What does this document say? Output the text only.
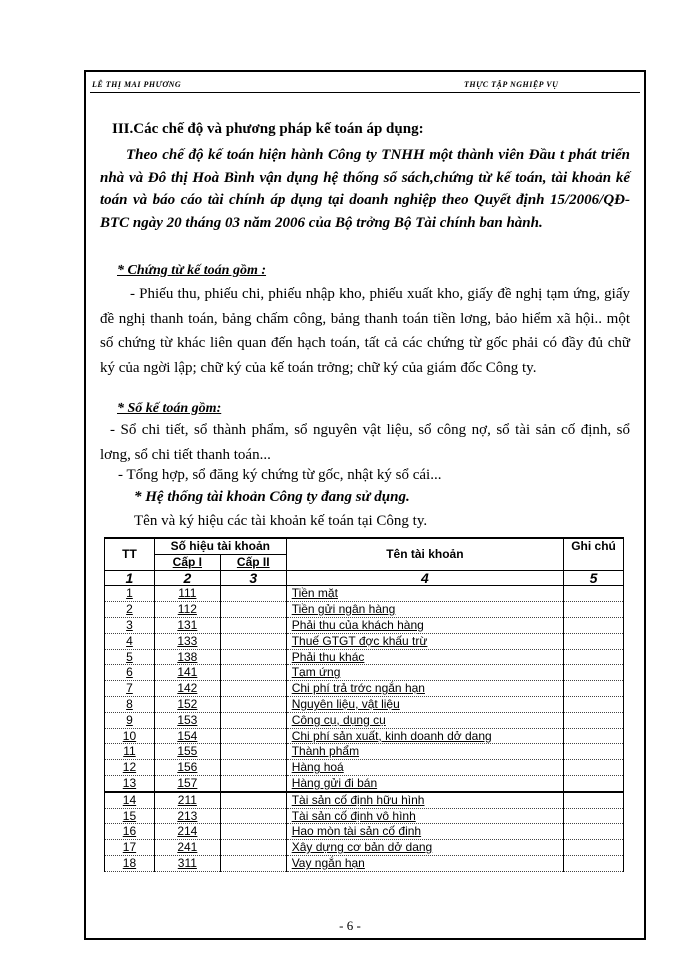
LÊ THỊ MAI PHƯƠNG	THỰC TẬP NGHIỆP VỤ
III.Các chế độ và phương pháp kế toán áp dụng:
Theo chế độ kế toán hiện hành Công ty TNHH một thành viên Đầu t phát triển nhà và Đô thị Hoà Bình vận dụng hệ thống sổ sách,chứng từ kế toán, tài khoản kế toán và báo cáo tài chính áp dụng tại doanh nghiệp theo Quyết định 15/2006/QĐ-BTC ngày 20 tháng 03 năm 2006 của Bộ trởng Bộ Tài chính ban hành.
* Chứng từ kế toán gồm :
- Phiếu thu, phiếu chi, phiếu nhập kho, phiếu xuất kho, giấy đề nghị tạm ứng, giấy đề nghị thanh toán, bảng chấm công, bảng thanh toán tiền lơng, bảo hiểm xã hội.. một số chứng từ khác liên quan đến hạch toán, tất cả các chứng từ gốc phải có đầy đủ chữ ký của ngời lập; chữ ký của kế toán trởng; chữ ký của giám đốc Công ty.
* Sổ kế toán gồm:
- Sổ chi tiết, sổ thành phẩm, sổ nguyên vật liệu, sổ công nợ, sổ tài sản cố định, sổ lơng, sổ chi tiết thanh toán...
- Tổng hợp, sổ đăng ký chứng từ gốc, nhật ký sổ cái...
* Hệ thống tài khoản Công ty đang sử dụng.
Tên và ký hiệu các tài khoản kế toán tại Công ty.
TT	Số hiệu tài khoản		Tên tài khoản	Ghi chú
	Cấp I	Cấp II		
1	2	3	4	5
1	111		Tiền mặt	
2	112		Tiền gửi ngân hàng	
3	131		Phải thu của khách hàng	
4	133		Thuế GTGT đợc khấu trừ	
5	138		Phải thu khác	
6	141		Tạm ứng	
7	142		Chi phí trả trớc ngắn hạn	
8	152		Nguyên liệu, vật liệu	
9	153		Công cụ, dụng cụ	
10	154		Chi phí sản xuất, kinh doanh dở dang	
11	155		Thành phẩm	
12	156		Hàng hoá	
13	157		Hàng gửi đi bán	
14	211		Tài sản cố định hữu hình	
15	213		Tài sản cố định vô hình	
16	214		Hao mòn tài sản cố định	
17	241		Xây dựng cơ bản dở dang	
18	311		Vay ngắn hạn	
- 6 -
